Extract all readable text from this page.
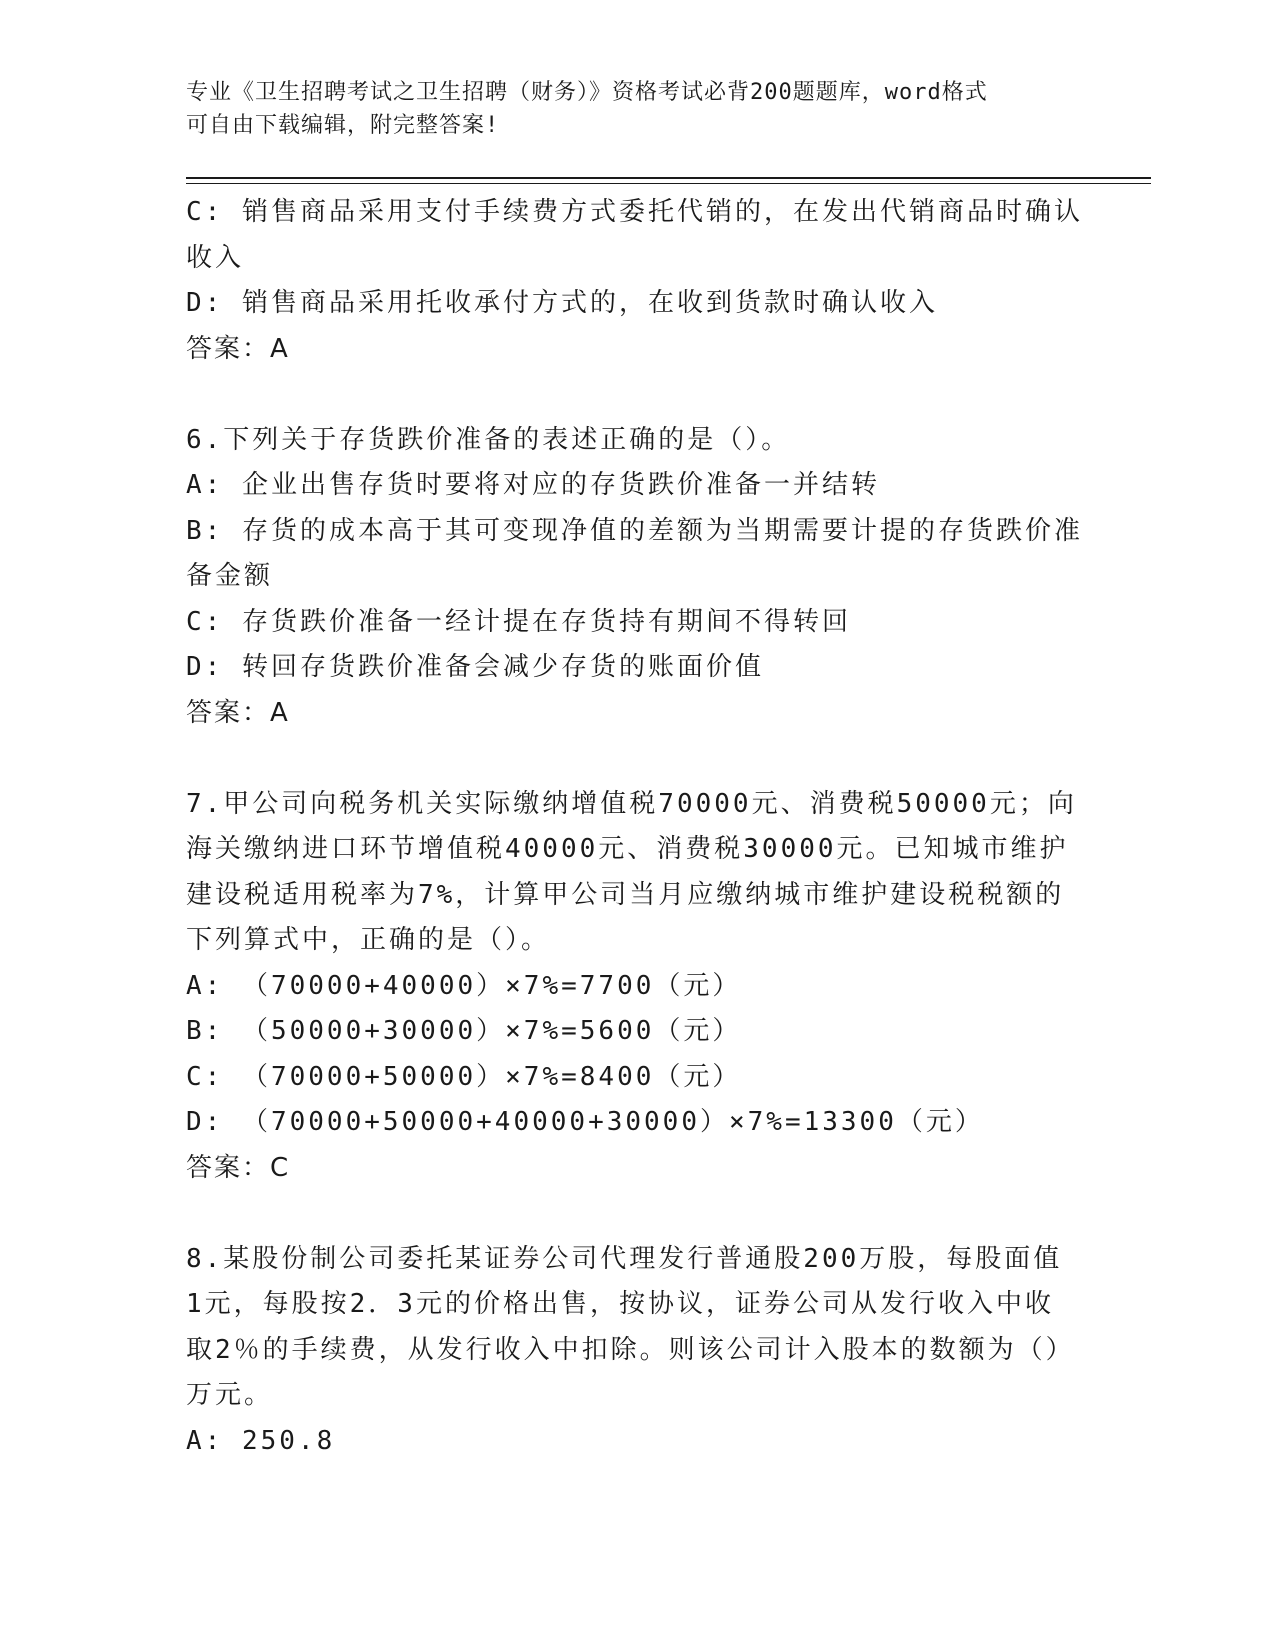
专业《卫生招聘考试之卫生招聘（财务）》资格考试必背200题题库，word格式
可自由下载编辑，附完整答案!
C: 销售商品采用支付手续费方式委托代销的，在发出代销商品时确认
收入
D: 销售商品采用托收承付方式的，在收到货款时确认收入
答案：A
6.下列关于存货跌价准备的表述正确的是（）。
A: 企业出售存货时要将对应的存货跌价准备一并结转
B: 存货的成本高于其可变现净值的差额为当期需要计提的存货跌价准
备金额
C: 存货跌价准备一经计提在存货持有期间不得转回
D: 转回存货跌价准备会减少存货的账面价值
答案：A
7.甲公司向税务机关实际缴纳增值税70000元、消费税50000元；向
海关缴纳进口环节增值税40000元、消费税30000元。已知城市维护
建设税适用税率为7%，计算甲公司当月应缴纳城市维护建设税税额的
下列算式中，正确的是（）。
A: （70000+40000）×7%=7700（元）
B: （50000+30000）×7%=5600（元）
C: （70000+50000）×7%=8400（元）
D: （70000+50000+40000+30000）×7%=13300（元）
答案：C
8.某股份制公司委托某证券公司代理发行普通股200万股，每股面值
1元，每股按2．3元的价格出售，按协议，证券公司从发行收入中收
取2％的手续费，从发行收入中扣除。则该公司计入股本的数额为（）
万元。
A: 250.8
